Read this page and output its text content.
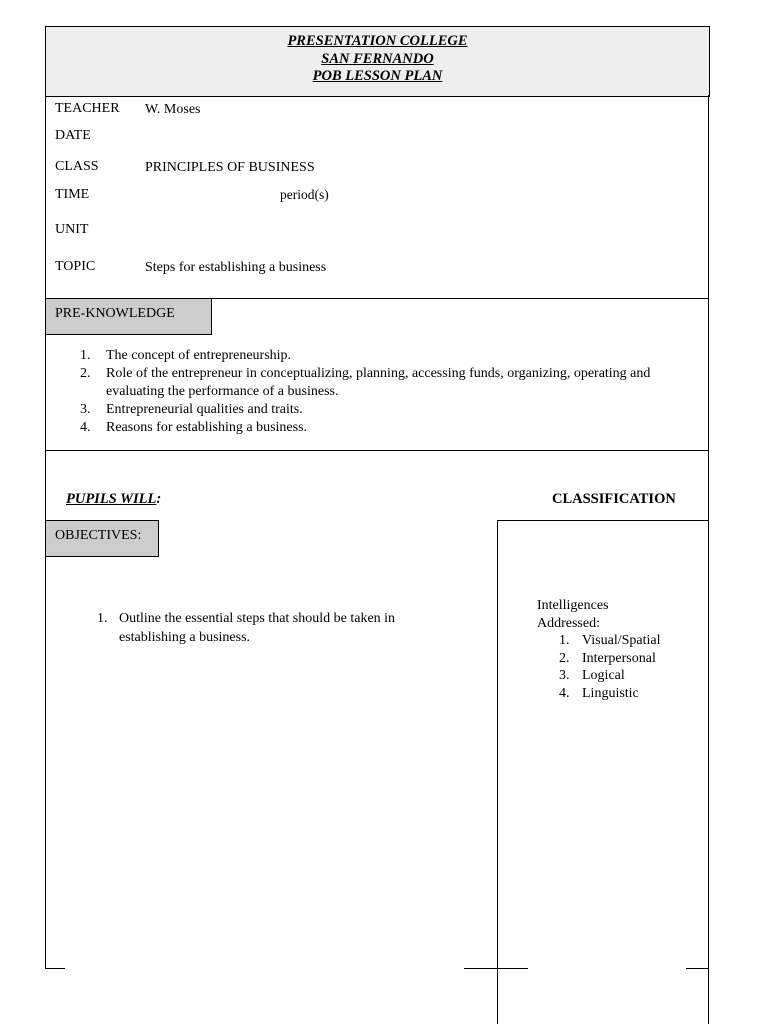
PRESENTATION COLLEGE
SAN FERNANDO
POB LESSON PLAN
TEACHER W. Moses
DATE
CLASS	PRINCIPLES OF BUSINESS
TIME	period(s)
UNIT
TOPIC	Steps for establishing a business
PRE-KNOWLEDGE
1. The concept of entrepreneurship.
2. Role of the entrepreneur in conceptualizing, planning, accessing funds, organizing, operating and evaluating the performance of a business.
3. Entrepreneurial qualities and traits.
4. Reasons for establishing a business.
PUPILS WILL:	CLASSIFICATION
OBJECTIVES:
1. Outline the essential steps that should be taken in establishing a business.
Intelligences
Addressed:
1. Visual/Spatial
2. Interpersonal
3. Logical
4. Linguistic
